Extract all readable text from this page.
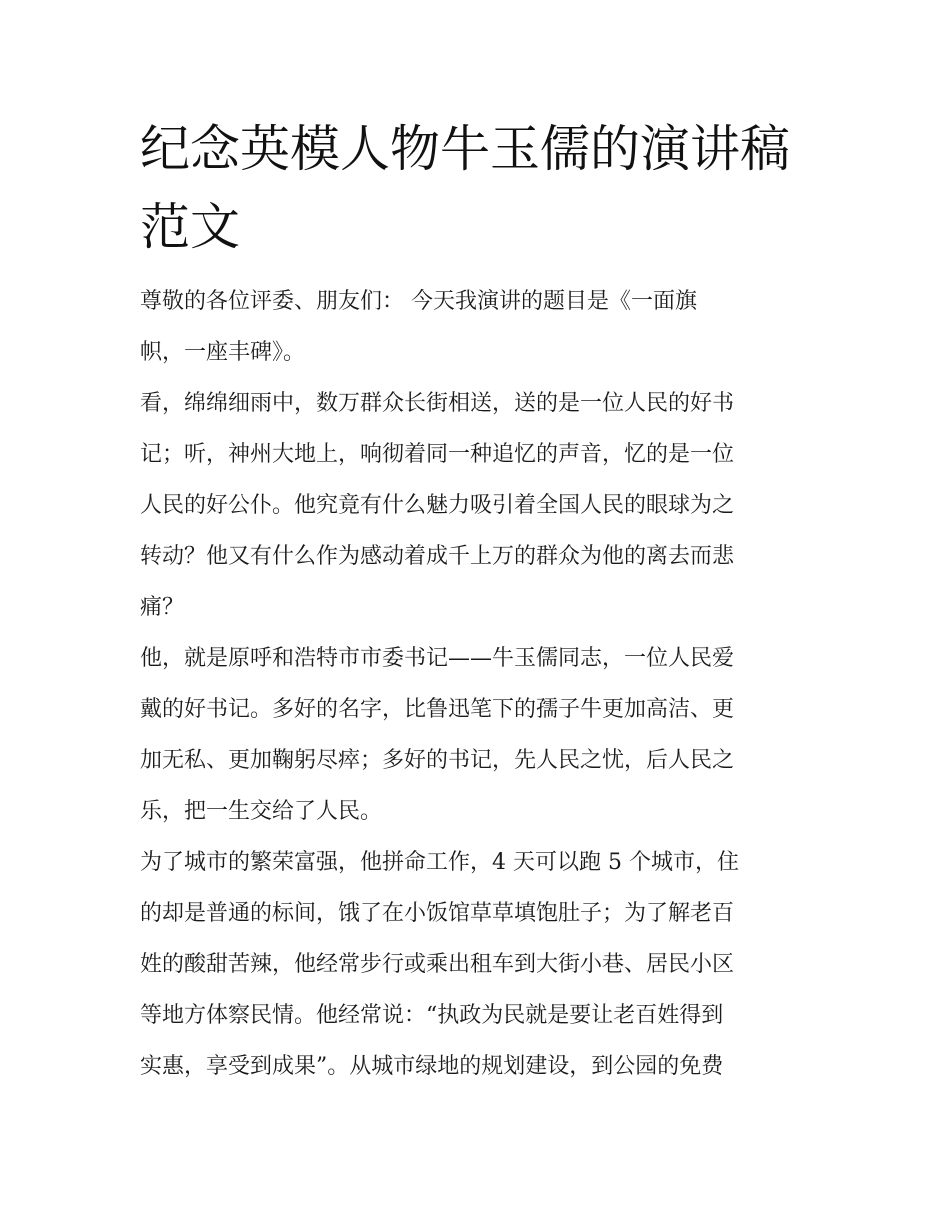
纪念英模人物牛玉儒的演讲稿
范文

尊敬的各位评委、朋友们： 今天我演讲的题目是《一面旗
帜，一座丰碑》。

看，绵绵细雨中，数万群众长街相送，送的是一位人民的好书
记；听，神州大地上，响彻着同一种追忆的声音，忆的是一位
人民的好公仆。他究竟有什么魅力吸引着全国人民的眼球为之
转动？他又有什么作为感动着成千上万的群众为他的离去而悲
痛？

他，就是原呼和浩特市市委书记——牛玉儒同志，一位人民爱
戴的好书记。多好的名字，比鲁迅笔下的孺子牛更加高洁、更
加无私、更加鞠躬尽瘁；多好的书记，先人民之忧，后人民之
乐，把一生交给了人民。

为了城市的繁荣富强，他拼命工作，4 天可以跑 5 个城市，住
的却是普通的标间，饿了在小饭馆草草填饱肚子；为了解老百
姓的酸甜苦辣，他经常步行或乘出租车到大街小巷、居民小区
等地方体察民情。他经常说：“执政为民就是要让老百姓得到
实惠，享受到成果”。从城市绿地的规划建设，到公园的免费
